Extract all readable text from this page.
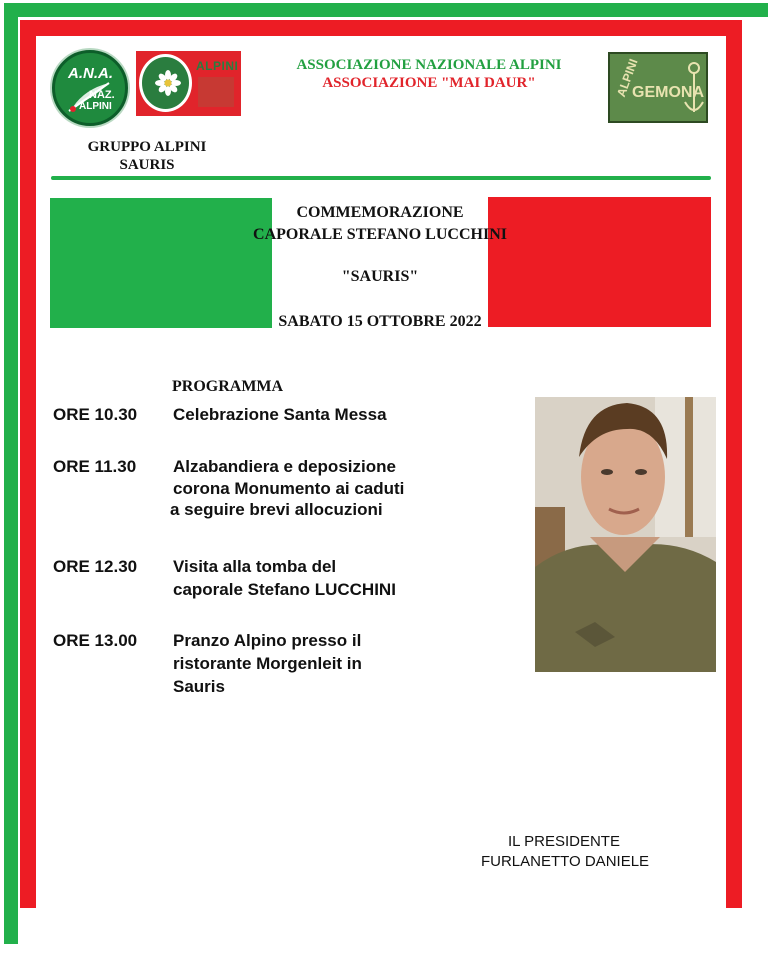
A.N.A.
NAZ.
ALPINI
ALPINI	ALPINI
GEMONA
ASSOCIAZIONE NAZIONALE ALPINI
ASSOCIAZIONE "MAI DAUR"
GRUPPO ALPINI
SAURIS
COMMEMORAZIONE
CAPORALE STEFANO LUCCHINI
"SAURIS"
SABATO 15 OTTOBRE 2022
PROGRAMMA
ORE 10.30 Celebrazione Santa Messa
ORE 11.30 Alzabandiera e deposizione
corona Monumento ai caduti
a seguire brevi allocuzioni
ORE 12.30 Visita alla tomba del
caporale Stefano LUCCHINI
ORE 13.00 Pranzo Alpino presso il
ristorante Morgenleit in
Sauris
IL PRESIDENTE
FURLANETTO DANIELE
